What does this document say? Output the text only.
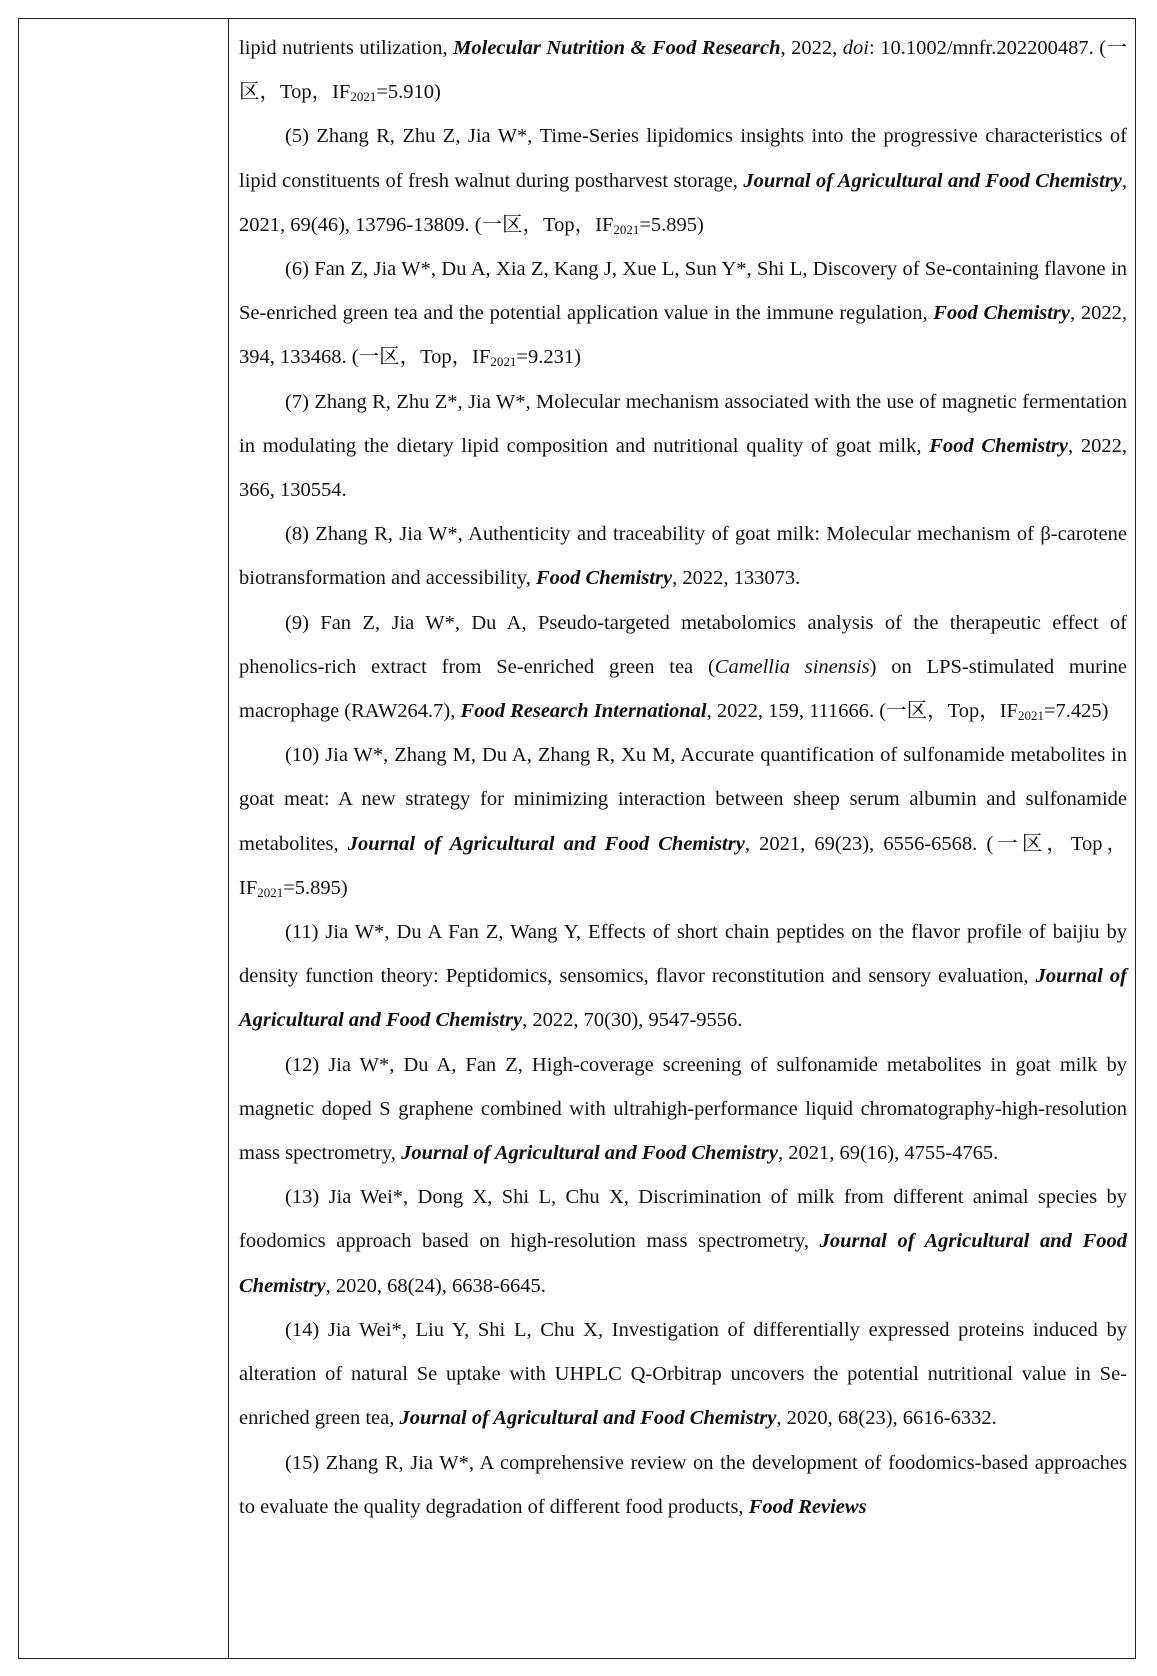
lipid nutrients utilization, Molecular Nutrition & Food Research, 2022, doi: 10.1002/mnfr.202200487. (一区，Top，$IF_{2021}=5.910$)

(5) Zhang R, Zhu Z, Jia W*, Time-Series lipidomics insights into the progressive characteristics of lipid constituents of fresh walnut during postharvest storage, Journal of Agricultural and Food Chemistry, 2021, 69(46), 13796-13809. (一区，Top，$IF_{2021}=5.895$)

(6) Fan Z, Jia W*, Du A, Xia Z, Kang J, Xue L, Sun Y*, Shi L, Discovery of Se-containing flavone in Se-enriched green tea and the potential application value in the immune regulation, Food Chemistry, 2022, 394, 133468. (一区，Top，$IF_{2021}=9.231$)

(7) Zhang R, Zhu Z*, Jia W*, Molecular mechanism associated with the use of magnetic fermentation in modulating the dietary lipid composition and nutritional quality of goat milk, Food Chemistry, 2022, 366, 130554.

(8) Zhang R, Jia W*, Authenticity and traceability of goat milk: Molecular mechanism of β-carotene biotransformation and accessibility, Food Chemistry, 2022, 133073.

(9) Fan Z, Jia W*, Du A, Pseudo-targeted metabolomics analysis of the therapeutic effect of phenolics-rich extract from Se-enriched green tea (Camellia sinensis) on LPS-stimulated murine macrophage (RAW264.7), Food Research International, 2022, 159, 111666. (一区，Top，$IF_{2021}=7.425$)

(10) Jia W*, Zhang M, Du A, Zhang R, Xu M, Accurate quantification of sulfonamide metabolites in goat meat: A new strategy for minimizing interaction between sheep serum albumin and sulfonamide metabolites, Journal of Agricultural and Food Chemistry, 2021, 69(23), 6556-6568. (一区，Top，$IF_{2021}=5.895$)

(11) Jia W*, Du A Fan Z, Wang Y, Effects of short chain peptides on the flavor profile of baijiu by density function theory: Peptidomics, sensomics, flavor reconstitution and sensory evaluation, Journal of Agricultural and Food Chemistry, 2022, 70(30), 9547-9556.

(12) Jia W*, Du A, Fan Z, High-coverage screening of sulfonamide metabolites in goat milk by magnetic doped S graphene combined with ultrahigh-performance liquid chromatography-high-resolution mass spectrometry, Journal of Agricultural and Food Chemistry, 2021, 69(16), 4755-4765.

(13) Jia Wei*, Dong X, Shi L, Chu X, Discrimination of milk from different animal species by foodomics approach based on high-resolution mass spectrometry, Journal of Agricultural and Food Chemistry, 2020, 68(24), 6638-6645.

(14) Jia Wei*, Liu Y, Shi L, Chu X, Investigation of differentially expressed proteins induced by alteration of natural Se uptake with UHPLC Q-Orbitrap uncovers the potential nutritional value in Se-enriched green tea, Journal of Agricultural and Food Chemistry, 2020, 68(23), 6616-6332.

(15) Zhang R, Jia W*, A comprehensive review on the development of foodomics-based approaches to evaluate the quality degradation of different food products, Food Reviews
